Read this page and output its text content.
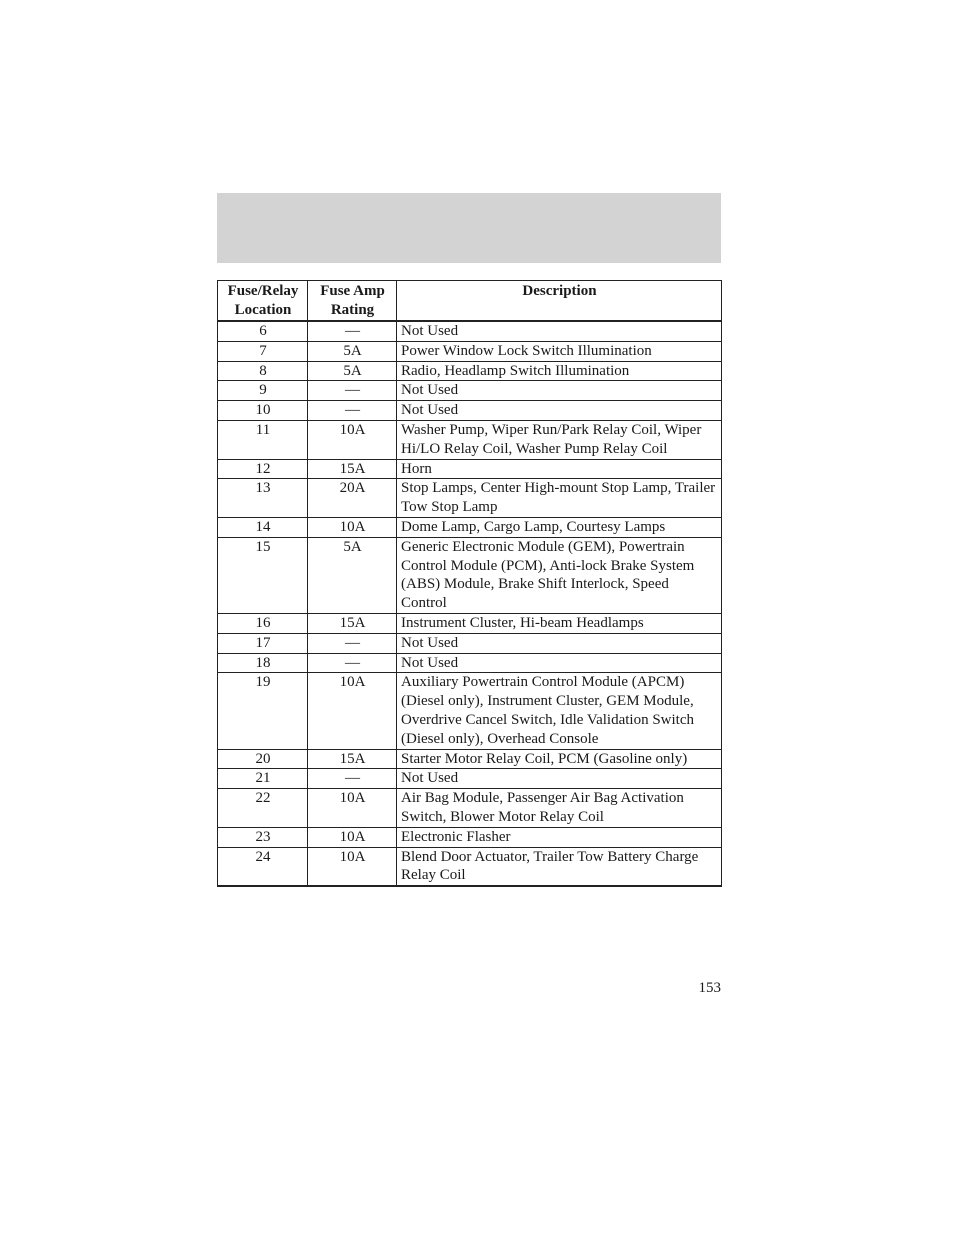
Fuse/Relay Location	Fuse Amp Rating	Description
6	—	Not Used
7	5A	Power Window Lock Switch Illumination
8	5A	Radio, Headlamp Switch Illumination
9	—	Not Used
10	—	Not Used
11	10A	Washer Pump, Wiper Run/Park Relay Coil, Wiper Hi/LO Relay Coil, Washer Pump Relay Coil
12	15A	Horn
13	20A	Stop Lamps, Center High-mount Stop Lamp, Trailer Tow Stop Lamp
14	10A	Dome Lamp, Cargo Lamp, Courtesy Lamps
15	5A	Generic Electronic Module (GEM), Powertrain Control Module (PCM), Anti-lock Brake System (ABS) Module, Brake Shift Interlock, Speed Control
16	15A	Instrument Cluster, Hi-beam Headlamps
17	—	Not Used
18	—	Not Used
19	10A	Auxiliary Powertrain Control Module (APCM) (Diesel only), Instrument Cluster, GEM Module, Overdrive Cancel Switch, Idle Validation Switch (Diesel only), Overhead Console
20	15A	Starter Motor Relay Coil, PCM (Gasoline only)
21	—	Not Used
22	10A	Air Bag Module, Passenger Air Bag Activation Switch, Blower Motor Relay Coil
23	10A	Electronic Flasher
24	10A	Blend Door Actuator, Trailer Tow Battery Charge Relay Coil
153
